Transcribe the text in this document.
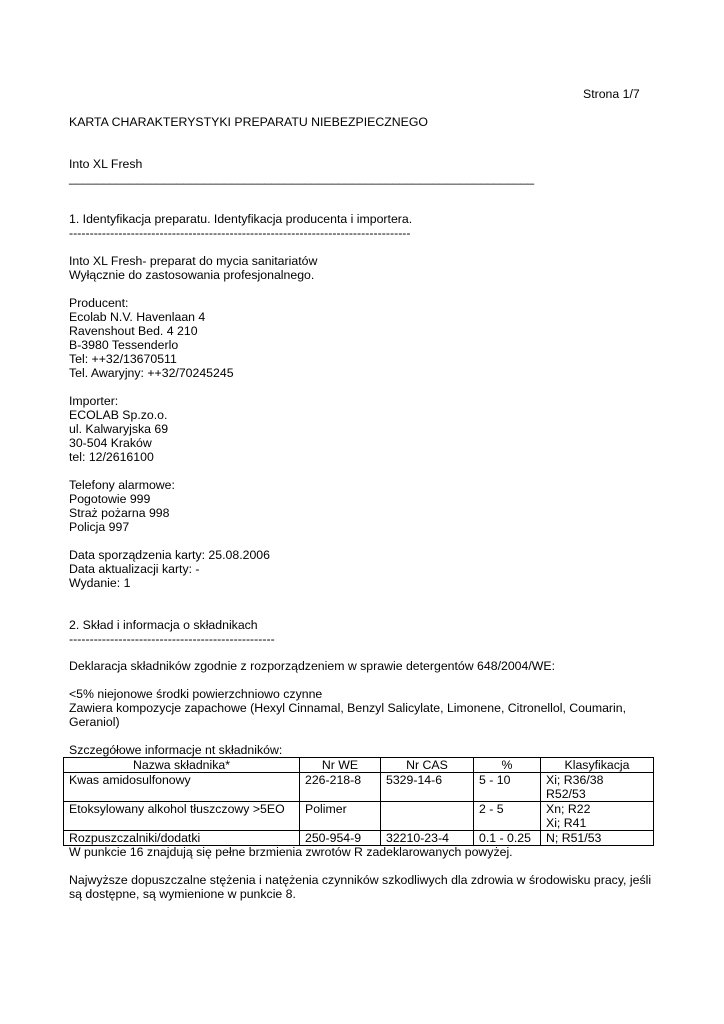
Strona 1/7
KARTA CHARAKTERYSTYKI PREPARATU NIEBEZPIECZNEGO
Into XL Fresh
_____________________________________________________________________
1. Identyfikacja preparatu. Identyfikacja producenta i importera.
-----------------------------------------------------------------------------------
Into XL Fresh- preparat do mycia sanitariatów
Wyłącznie do zastosowania profesjonalnego.
Producent:
Ecolab N.V. Havenlaan 4
Ravenshout Bed. 4 210
B-3980 Tessenderlo
Tel: ++32/13670511
Tel. Awaryjny: ++32/70245245
Importer:
ECOLAB Sp.zo.o.
ul. Kalwaryjska 69
30-504 Kraków
tel: 12/2616100
Telefony alarmowe:
Pogotowie 999
Straż pożarna 998
Policja 997
Data sporządzenia karty: 25.08.2006
Data aktualizacji karty: -
Wydanie: 1
2. Skład i informacja o składnikach
--------------------------------------------------
Deklaracja składników zgodnie z rozporządzeniem w sprawie detergentów 648/2004/WE:
<5% niejonowe środki powierzchniowo czynne
Zawiera kompozycje zapachowe (Hexyl Cinnamal, Benzyl Salicylate, Limonene, Citronellol, Coumarin,
Geraniol)
Szczegółowe informacje nt składników:
Nazwa składnika*	Nr WE	Nr CAS	%	Klasyfikacja
Kwas amidosulfonowy	226-218-8	5329-14-6	5 - 10	Xi; R36/38
R52/53

Etoksylowany alkohol tłuszczowy >5EO	Polimer		2 - 5	Xn; R22
Xi; R41

Rozpuszczalniki/dodatki	250-954-9	32210-23-4	0.1 - 0.25	N; R51/53
W punkcie 16 znajdują się pełne brzmienia zwrotów R zadeklarowanych powyżej.
Najwyższe dopuszczalne stężenia i natężenia czynników szkodliwych dla zdrowia w środowisku pracy, jeśli
są dostępne, są wymienione w punkcie 8.
